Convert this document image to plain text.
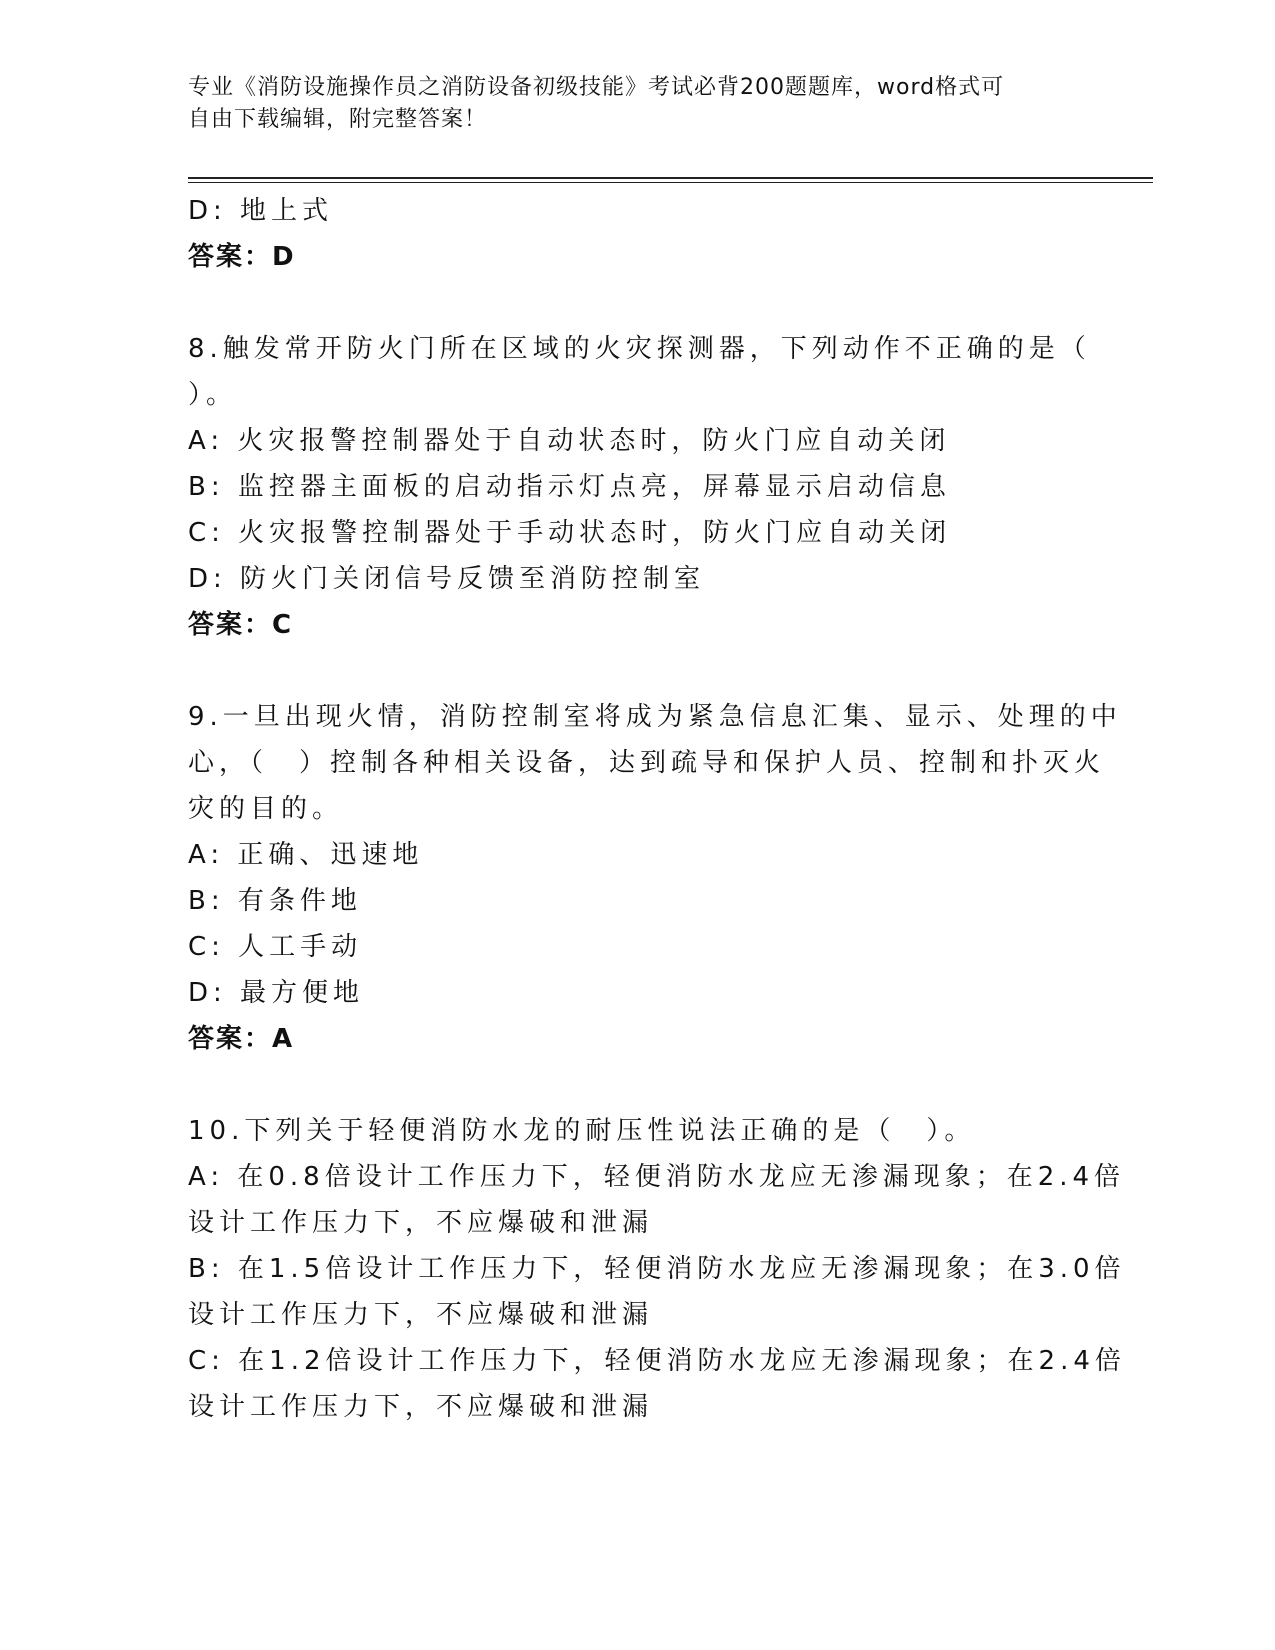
专业《消防设施操作员之消防设备初级技能》考试必背200题题库，word格式可
自由下载编辑，附完整答案！
D: 地上式
答案：D
8.触发常开防火门所在区域的火灾探测器，下列动作不正确的是（
）。
A: 火灾报警控制器处于自动状态时，防火门应自动关闭
B: 监控器主面板的启动指示灯点亮，屏幕显示启动信息
C: 火灾报警控制器处于手动状态时，防火门应自动关闭
D: 防火门关闭信号反馈至消防控制室
答案：C
9.一旦出现火情，消防控制室将成为紧急信息汇集、显示、处理的中
心，（　）控制各种相关设备，达到疏导和保护人员、控制和扑灭火
灾的目的。
A: 正确、迅速地
B: 有条件地
C: 人工手动
D: 最方便地
答案：A
10.下列关于轻便消防水龙的耐压性说法正确的是（　）。
A: 在0.8倍设计工作压力下，轻便消防水龙应无渗漏现象；在2.4倍
设计工作压力下，不应爆破和泄漏
B: 在1.5倍设计工作压力下，轻便消防水龙应无渗漏现象；在3.0倍
设计工作压力下，不应爆破和泄漏
C: 在1.2倍设计工作压力下，轻便消防水龙应无渗漏现象；在2.4倍
设计工作压力下，不应爆破和泄漏
